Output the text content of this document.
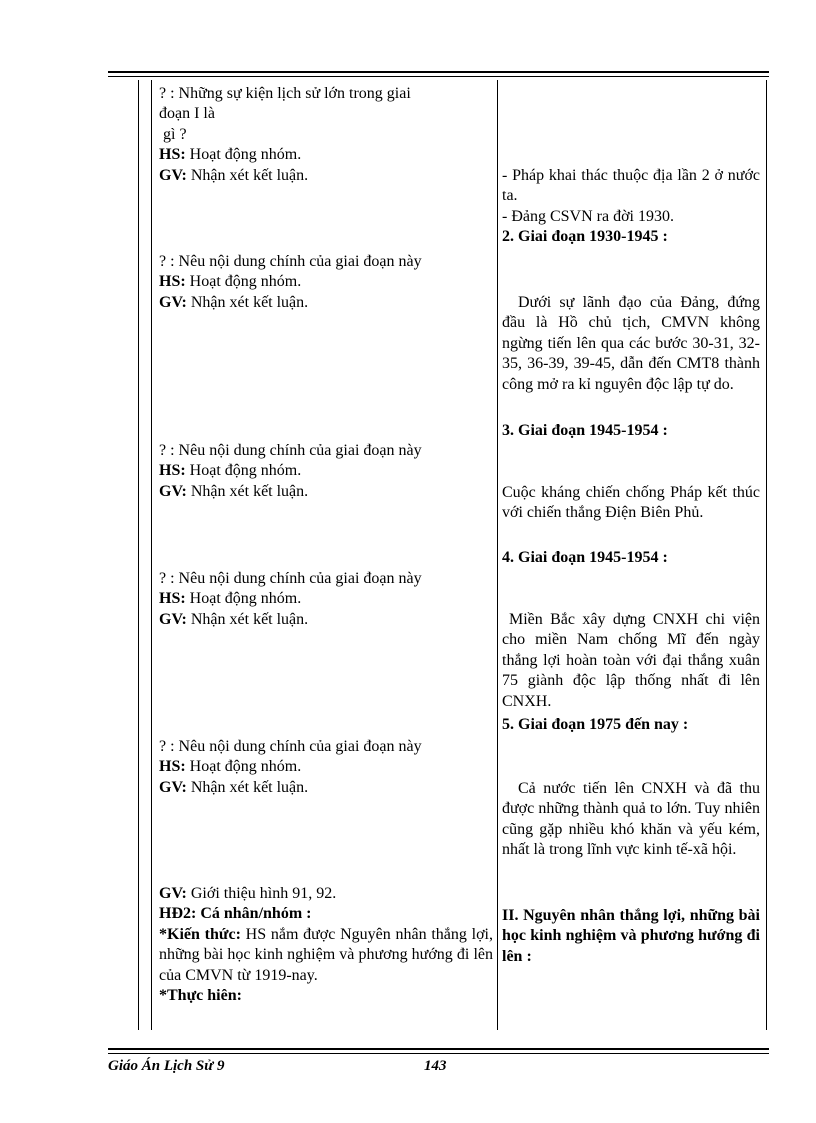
? : Những sự kiện lịch sử lớn trong giai
đoạn I là
gì ?
HS: Hoạt động nhóm.
GV: Nhận xét kết luận.
? : Nêu nội dung chính của giai đoạn này
HS: Hoạt động nhóm.
GV: Nhận xét kết luận.
? : Nêu nội dung chính của giai đoạn này
HS: Hoạt động nhóm.
GV: Nhận xét kết luận.
? : Nêu nội dung chính của giai đoạn này
HS: Hoạt động nhóm.
GV: Nhận xét kết luận.
? : Nêu nội dung chính của giai đoạn này
HS: Hoạt động nhóm.
GV: Nhận xét kết luận.
GV: Giới thiệu hình 91, 92.
HĐ2: Cá nhân/nhóm :
*Kiến thức: HS nắm được Nguyên nhân thắng lợi, những bài học kinh nghiệm và phương hướng đi lên của CMVN từ 1919-nay.
*Thực hiên:
- Pháp khai thác thuộc địa lần 2 ở nước ta.
- Đảng CSVN ra đời 1930.
2. Giai đoạn 1930-1945 :
Dưới sự lãnh đạo của Đảng, đứng đầu là Hồ chủ tịch, CMVN không ngừng tiến lên qua các bước 30-31, 32-35, 36-39, 39-45, dẫn đến CMT8 thành công mở ra kỉ nguyên độc lập tự do.
3. Giai đoạn 1945-1954 :
Cuộc kháng chiến chống Pháp kết thúc với chiến thắng Điện Biên Phủ.
4. Giai đoạn 1945-1954 :
Miền Bắc xây dựng CNXH chi viện cho miền Nam chống Mĩ đến ngày thắng lợi hoàn toàn với đại thắng xuân 75 giành độc lập thống nhất đi lên CNXH.
5. Giai đoạn 1975 đến nay :
Cả nước tiến lên CNXH và đã thu được những thành quả to lớn. Tuy nhiên cũng gặp nhiều khó khăn và yếu kém, nhất là trong lĩnh vực kinh tế-xã hội.
II. Nguyên nhân thắng lợi, những bài học kinh nghiệm và phương hướng đi lên :
Giáo Án Lịch Sử 9	143
